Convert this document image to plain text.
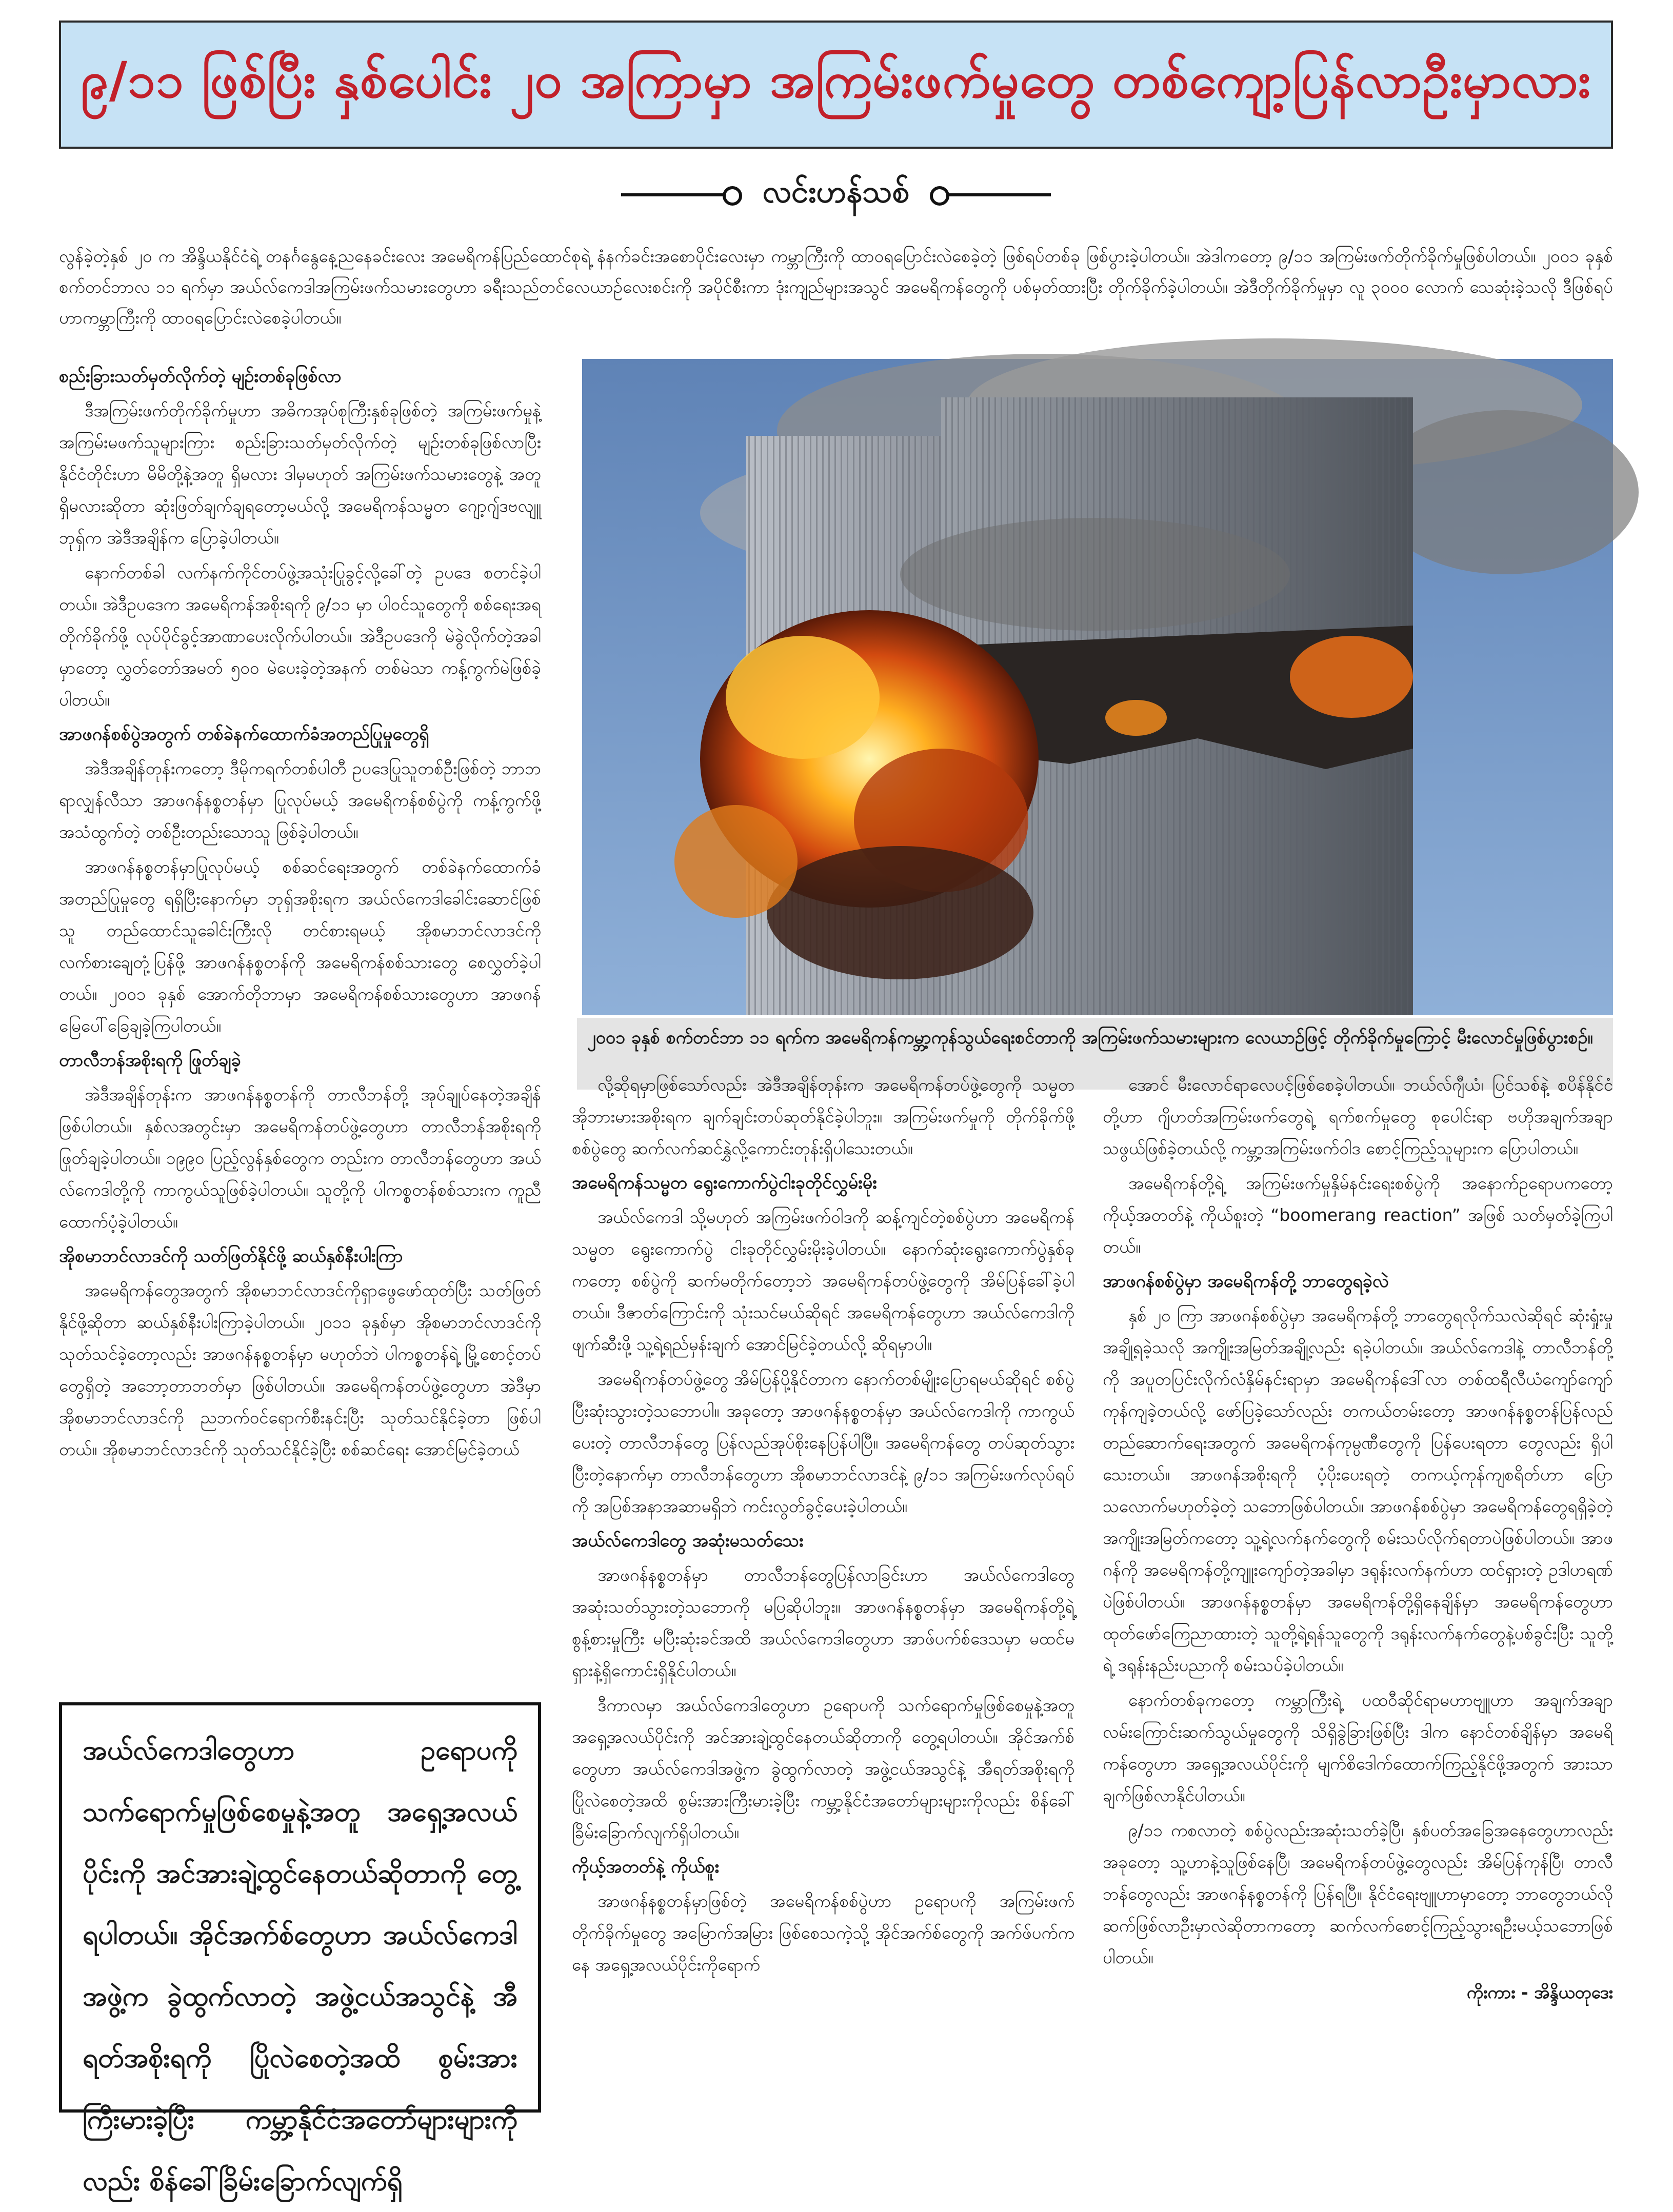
၉/၁၁ ဖြစ်ပြီး နှစ်ပေါင်း ၂၀ အကြာမှာ အကြမ်းဖက်မှုတွေ တစ်ကျော့ပြန်လာဦးမှာလား
လင်းဟန်သစ်
လွန်ခဲ့တဲ့နှစ် ၂၀ က အိန္ဒိယနိုင်ငံရဲ့ တနင်္ဂနွေနေ့ညနေခင်းလေး အမေရိကန်ပြည်ထောင်စုရဲ့ နံနက်ခင်းအစောပိုင်းလေးမှာ ကမ္ဘာကြီးကို ထာဝရပြောင်းလဲစေခဲ့တဲ့ ဖြစ်ရပ်တစ်ခု ဖြစ်ပွားခဲ့ပါတယ်။ အဲဒါကတော့ ၉/၁၁ အကြမ်းဖက်တိုက်ခိုက်မှုဖြစ်ပါတယ်။ ၂၀၀၁ ခုနှစ် စက်တင်ဘာလ ၁၁ ရက်မှာ အယ်လ်ကေဒါအကြမ်းဖက်သမားတွေဟာ ခရီးသည်တင်လေယာဉ်လေးစင်းကို အပိုင်စီးကာ ဒုံးကျည်များအသွင် အမေရိကန်တွေကို ပစ်မှတ်ထားပြီး တိုက်ခိုက်ခဲ့ပါတယ်။ အဲဒီတိုက်ခိုက်မှုမှာ လူ ၃၀၀၀ လောက် သေဆုံးခဲ့သလို ဒီဖြစ်ရပ်ဟာကမ္ဘာကြီးကို ထာဝရပြောင်းလဲစေခဲ့ပါတယ်။
စည်းခြားသတ်မှတ်လိုက်တဲ့ မျဉ်းတစ်ခုဖြစ်လာ

ဒီအကြမ်းဖက်တိုက်ခိုက်မှုဟာ အဓိကအုပ်စုကြီးနှစ်ခုဖြစ်တဲ့ အကြမ်းဖက်မှုနဲ့ အကြမ်းမဖက်သူများကြား စည်းခြားသတ်မှတ်လိုက်တဲ့ မျဉ်းတစ်ခုဖြစ်လာပြီး နိုင်ငံတိုင်းဟာ မိမိတို့နဲ့အတူ ရှိမလား ဒါမှမဟုတ် အကြမ်းဖက်သမားတွေနဲ့ အတူရှိမလားဆိုတာ ဆုံးဖြတ်ချက်ချရတော့မယ်လို့ အမေရိကန်သမ္မတ ဂျော့ဂျ်ဒဗလျူဘုရှ်က အဲဒီအချိန်က ပြောခဲ့ပါတယ်။

နောက်တစ်ခါ လက်နက်ကိုင်တပ်ဖွဲ့အသုံးပြုခွင့်လို့ခေါ်တဲ့ ဥပဒေ စတင်ခဲ့ပါတယ်။ အဲဒီဥပဒေက အမေရိကန်အစိုးရကို ၉/၁၁ မှာ ပါဝင်သူတွေကို စစ်ရေးအရတိုက်ခိုက်ဖို့ လုပ်ပိုင်ခွင့်အာဏာပေးလိုက်ပါတယ်။ အဲဒီဥပဒေကို မဲခွဲလိုက်တဲ့အခါမှာတော့ လွှတ်တော်အမတ် ၅၀၀ မဲပေးခဲ့တဲ့အနက် တစ်မဲသာ ကန့်ကွက်မဲဖြစ်ခဲ့ပါတယ်။

အာဖဂန်စစ်ပွဲအတွက် တစ်ခဲနက်ထောက်ခံအတည်ပြုမှုတွေရှိ

အဲဒီအချိန်တုန်းကတော့ ဒီမိုကရက်တစ်ပါတီ ဥပဒေပြုသူတစ်ဦးဖြစ်တဲ့ ဘာဘရာလျှန်လီသာ အာဖဂန်နစ္စတန်မှာ ပြုလုပ်မယ့် အမေရိကန်စစ်ပွဲကို ကန့်ကွက်ဖို့ အသံထွက်တဲ့ တစ်ဦးတည်းသောသူ ဖြစ်ခဲ့ပါတယ်။

အာဖဂန်နစ္စတန်မှာပြုလုပ်မယ့် စစ်ဆင်ရေးအတွက် တစ်ခဲနက်ထောက်ခံအတည်ပြုမှုတွေ ရရှိပြီးနောက်မှာ ဘုရှ်အစိုးရက အယ်လ်ကေဒါခေါင်းဆောင်ဖြစ်သူ တည်ထောင်သူခေါင်းကြီးလို တင်စားရမယ့် အိုစမာဘင်လာဒင်ကို လက်စားချေတုံ့ပြန်ဖို့ အာဖဂန်နစ္စတန်ကို အမေရိကန်စစ်သားတွေ စေလွှတ်ခဲ့ပါတယ်။ ၂၀၀၁ ခုနှစ် အောက်တိုဘာမှာ အမေရိကန်စစ်သားတွေဟာ အာဖဂန်မြေပေါ်ခြေချခဲ့ကြပါတယ်။

တာလီဘန်အစိုးရကို ဖြုတ်ချခဲ့

အဲဒီအချိန်တုန်းက အာဖဂန်နစ္စတန်ကို တာလီဘန်တို့ အုပ်ချုပ်နေတဲ့အချိန်ဖြစ်ပါတယ်။ နှစ်လအတွင်းမှာ အမေရိကန်တပ်ဖွဲ့တွေဟာ တာလီဘန်အစိုးရကို ဖြုတ်ချခဲ့ပါတယ်။ ၁၉၉၀ ပြည့်လွန်နှစ်တွေက တည်းက တာလီဘန်တွေဟာ အယ်လ်ကေဒါတို့ကို ကာကွယ်သူဖြစ်ခဲ့ပါတယ်။ သူတို့ကို ပါကစ္စတန်စစ်သားက ကူညီထောက်ပံ့ခဲ့ပါတယ်။

အိုစမာဘင်လာဒင်ကို သတ်ဖြတ်နိုင်ဖို့ ဆယ်နှစ်နီးပါးကြာ

အမေရိကန်တွေအတွက် အိုစမာဘင်လာဒင်ကိုရှာဖွေဖော်ထုတ်ပြီး သတ်ဖြတ်နိုင်ဖို့ဆိုတာ ဆယ်နှစ်နီးပါးကြာခဲ့ပါတယ်။ ၂၀၁၁ ခုနှစ်မှာ အိုစမာဘင်လာဒင်ကို သုတ်သင်ခဲ့တော့လည်း အာဖဂန်နစ္စတန်မှာ မဟုတ်ဘဲ ပါကစ္စတန်ရဲ့ မြို့စောင့်တပ်တွေရှိတဲ့ အဘော့တာဘတ်မှာ ဖြစ်ပါတယ်။ အမေရိကန်တပ်ဖွဲ့တွေဟာ အဲဒီမှာ အိုစမာဘင်လာဒင်ကို ညဘက်ဝင်ရောက်စီးနင်းပြီး သုတ်သင်နိုင်ခဲ့တာ ဖြစ်ပါတယ်။ အိုစမာဘင်လာဒင်ကို သုတ်သင်နိုင်ခဲ့ပြီး စစ်ဆင်ရေး အောင်မြင်ခဲ့တယ်

၂၀၀၁ ခုနှစ် စက်တင်ဘာ ၁၁ ရက်က အမေရိကန်ကမ္ဘာ့ကုန်သွယ်ရေးစင်တာကို အကြမ်းဖက်သမားများက လေယာဉ်ဖြင့် တိုက်ခိုက်မှုကြောင့် မီးလောင်မှုဖြစ်ပွားစဉ်။

လို့ဆိုရမှာဖြစ်သော်လည်း အဲဒီအချိန်တုန်းက အမေရိကန်တပ်ဖွဲ့တွေကို သမ္မတအိုဘားမားအစိုးရက ချက်ချင်းတပ်ဆုတ်နိုင်ခဲ့ပါဘူး။ အကြမ်းဖက်မှုကို တိုက်ခိုက်ဖို့ စစ်ပွဲတွေ ဆက်လက်ဆင်နွှဲလို့ကောင်းတုန်းရှိပါသေးတယ်။

အမေရိကန်သမ္မတ ရွေးကောက်ပွဲငါးခုတိုင်လွှမ်းမိုး

အယ်လ်ကေဒါ သို့မဟုတ် အကြမ်းဖက်ဝါဒကို ဆန့်ကျင်တဲ့စစ်ပွဲဟာ အမေရိကန်သမ္မတ ရွေးကောက်ပွဲ ငါးခုတိုင်လွှမ်းမိုးခဲ့ပါတယ်။ နောက်ဆုံးရွေးကောက်ပွဲနှစ်ခုကတော့ စစ်ပွဲကို ဆက်မတိုက်တော့ဘဲ အမေရိကန်တပ်ဖွဲ့တွေကို အိမ်ပြန်ခေါ်ခဲ့ပါတယ်။ ဒီဇာတ်ကြောင်းကို သုံးသင်မယ်ဆိုရင် အမေရိကန်တွေဟာ အယ်လ်ကေဒါကို ဖျက်ဆီးဖို့ သူ့ရဲ့ရည်မှန်းချက် အောင်မြင်ခဲ့တယ်လို့ ဆိုရမှာပါ။

အမေရိကန်တပ်ဖွဲ့တွေ အိမ်ပြန်ပို့နိုင်တာက နောက်တစ်မျိုးပြောရမယ်ဆိုရင် စစ်ပွဲပြီးဆုံးသွားတဲ့သဘောပါ။ အခုတော့ အာဖဂန်နစ္စတန်မှာ အယ်လ်ကေဒါကို ကာကွယ်ပေးတဲ့ တာလီဘန်တွေ ပြန်လည်အုပ်စိုးနေပြန်ပါပြီ။ အမေရိကန်တွေ တပ်ဆုတ်သွားပြီးတဲ့နောက်မှာ တာလီဘန်တွေဟာ အိုစမာဘင်လာဒင်နဲ့ ၉/၁၁ အကြမ်းဖက်လုပ်ရပ်ကို အပြစ်အနာအဆာမရှိဘဲ ကင်းလွတ်ခွင့်ပေးခဲ့ပါတယ်။

အယ်လ်ကေဒါတွေ အဆုံးမသတ်သေး

အာဖဂန်နစ္စတန်မှာ တာလီဘန်တွေပြန်လာခြင်းဟာ အယ်လ်ကေဒါတွေ အဆုံးသတ်သွားတဲ့သဘောကို မပြဆိုပါဘူး။ အာဖဂန်နစ္စတန်မှာ အမေရိကန်တို့ရဲ့ စွန့်စားမှုကြီး မပြီးဆုံးခင်အထိ အယ်လ်ကေဒါတွေဟာ အာဖ်ပက်စ်ဒေသမှာ မထင်မရှားနဲ့ရှိကောင်းရှိနိုင်ပါတယ်။

ဒီကာလမှာ အယ်လ်ကေဒါတွေဟာ ဥရောပကို သက်ရောက်မှုဖြစ်စေမှုနဲ့အတူ အရှေ့အလယ်ပိုင်းကို အင်အားချဲ့ထွင်နေတယ်ဆိုတာကို တွေ့ရပါတယ်။ အိုင်အက်စ်တွေဟာ အယ်လ်ကေဒါအဖွဲ့က ခွဲထွက်လာတဲ့ အဖွဲ့ငယ်အသွင်နဲ့ အီရတ်အစိုးရကို ပြိုလဲစေတဲ့အထိ စွမ်းအားကြီးမားခဲ့ပြီး ကမ္ဘာ့နိုင်ငံအတော်များများကိုလည်း စိန်ခေါ်ခြိမ်းခြောက်လျက်ရှိပါတယ်။

ကိုယ့်အတတ်နဲ့ ကိုယ်စူး

အာဖဂန်နစ္စတန်မှာဖြစ်တဲ့ အမေရိကန်စစ်ပွဲဟာ ဥရောပကို အကြမ်းဖက်တိုက်ခိုက်မှုတွေ အမြောက်အမြား ဖြစ်စေသကဲ့သို့ အိုင်အက်စ်တွေကို အက်ဖ်ပက်ကနေ အရှေ့အလယ်ပိုင်းကိုရောက်

အောင် မီးလောင်ရာလေပင့်ဖြစ်စေခဲ့ပါတယ်။ ဘယ်လ်ဂျီယံ၊ ပြင်သစ်နဲ့ စပိန်နိုင်ငံတို့ဟာ ဂျိဟတ်အကြမ်းဖက်တွေရဲ့ ရက်စက်မှုတွေ စုပေါင်းရာ ဗဟိုအချက်အချာသဖွယ်ဖြစ်ခဲ့တယ်လို့ ကမ္ဘာ့အကြမ်းဖက်ဝါဒ စောင့်ကြည့်သူများက ပြောပါတယ်။

အမေရိကန်တို့ရဲ့ အကြမ်းဖက်မှုနှိမ်နင်းရေးစစ်ပွဲကို အနောက်ဥရောပကတော့ ကိုယ့်အတတ်နဲ့ ကိုယ်စူးတဲ့ “boomerang reaction” အဖြစ် သတ်မှတ်ခဲ့ကြပါတယ်။

အာဖဂန်စစ်ပွဲမှာ အမေရိကန်တို့ ဘာတွေရခဲ့လဲ

နှစ် ၂၀ ကြာ အာဖဂန်စစ်ပွဲမှာ အမေရိကန်တို့ ဘာတွေရလိုက်သလဲဆိုရင် ဆုံးရှုံးမှုအချို့ရခဲ့သလို အကျိုးအမြတ်အချို့လည်း ရခဲ့ပါတယ်။ အယ်လ်ကေဒါနဲ့ တာလီဘန်တို့ကို အပူတပြင်းလိုက်လံနှိမ်နင်းရာမှာ အမေရိကန်ဒေါ်လာ တစ်ထရီလီယံကျော်ကျော် ကုန်ကျခဲ့တယ်လို့ ဖော်ပြခဲ့သော်လည်း တကယ်တမ်းတော့ အာဖဂန်နစ္စတန်ပြန်လည်တည်ဆောက်ရေးအတွက် အမေရိကန်ကုမ္ပဏီတွေကို ပြန်ပေးရတာ တွေလည်း ရှိပါသေးတယ်။ အာဖဂန်အစိုးရကို ပံ့ပိုးပေးရတဲ့ တကယ့်ကုန်ကျစရိတ်ဟာ ပြောသလောက်မဟုတ်ခဲ့တဲ့ သဘောဖြစ်ပါတယ်။ အာဖဂန်စစ်ပွဲမှာ အမေရိကန်တွေရရှိခဲ့တဲ့ အကျိုးအမြတ်ကတော့ သူ့ရဲ့လက်နက်တွေကို စမ်းသပ်လိုက်ရတာပဲဖြစ်ပါတယ်။ အာဖဂန်ကို အမေရိကန်တို့ကျူးကျော်တဲ့အခါမှာ ဒရုန်းလက်နက်ဟာ ထင်ရှားတဲ့ ဥဒါဟရဏ်ပဲဖြစ်ပါတယ်။ အာဖဂန်နစ္စတန်မှာ အမေရိကန်တို့ရှိနေချိန်မှာ အမေရိကန်တွေဟာ ထုတ်ဖော်ကြေညာထားတဲ့ သူတို့ရဲ့ရန်သူတွေကို ဒရုန်းလက်နက်တွေနဲ့ပစ်ခွင်းပြီး သူတို့ရဲ့ ဒရုန်းနည်းပညာကို စမ်းသပ်ခဲ့ပါတယ်။

နောက်တစ်ခုကတော့ ကမ္ဘာကြီးရဲ့ ပထဝီဆိုင်ရာမဟာဗျူဟာ အချက်အချာလမ်းကြောင်းဆက်သွယ်မှုတွေကို သိရှိခွဲခြားဖြစ်ပြီး ဒါက နောင်တစ်ချိန်မှာ အမေရိကန်တွေဟာ အရှေ့အလယ်ပိုင်းကို မျက်စိဒေါက်ထောက်ကြည့်နိုင်ဖို့အတွက် အားသာချက်ဖြစ်လာနိုင်ပါတယ်။

၉/၁၁ ကစလာတဲ့ စစ်ပွဲလည်းအဆုံးသတ်ခဲ့ပြီ၊ နှစ်ပတ်အခြေအနေတွေဟာလည်း အခုတော့ သူ့ဟာနဲ့သူဖြစ်နေပြီ၊ အမေရိကန်တပ်ဖွဲ့တွေလည်း အိမ်ပြန်ကုန်ပြီ၊ တာလီဘန်တွေလည်း အာဖဂန်နစ္စတန်ကို ပြန်ရပြီ။ နိုင်ငံရေးဗျူဟာမှာတော့ ဘာတွေဘယ်လိုဆက်ဖြစ်လာဦးမှာလဲဆိုတာကတော့ ဆက်လက်စောင့်ကြည့်သွားရဦးမယ့်သဘောဖြစ်ပါတယ်။

ကိုးကား - အိန္ဒိယတုဒေး

အယ်လ်ကေဒါတွေဟာ ဥရောပကို သက်ရောက်မှုဖြစ်စေမှုနဲ့အတူ အရှေ့အလယ်ပိုင်းကို အင်အားချဲ့ထွင်နေတယ်ဆိုတာကို တွေ့ရပါတယ်။ အိုင်အက်စ်တွေဟာ အယ်လ်ကေဒါအဖွဲ့က ခွဲထွက်လာတဲ့ အဖွဲ့ငယ်အသွင်နဲ့ အီရတ်အစိုးရကို ပြိုလဲစေတဲ့အထိ စွမ်းအားကြီးမားခဲ့ပြီး ကမ္ဘာ့နိုင်ငံအတော်များများကိုလည်း စိန်ခေါ်ခြိမ်းခြောက်လျက်ရှိ
